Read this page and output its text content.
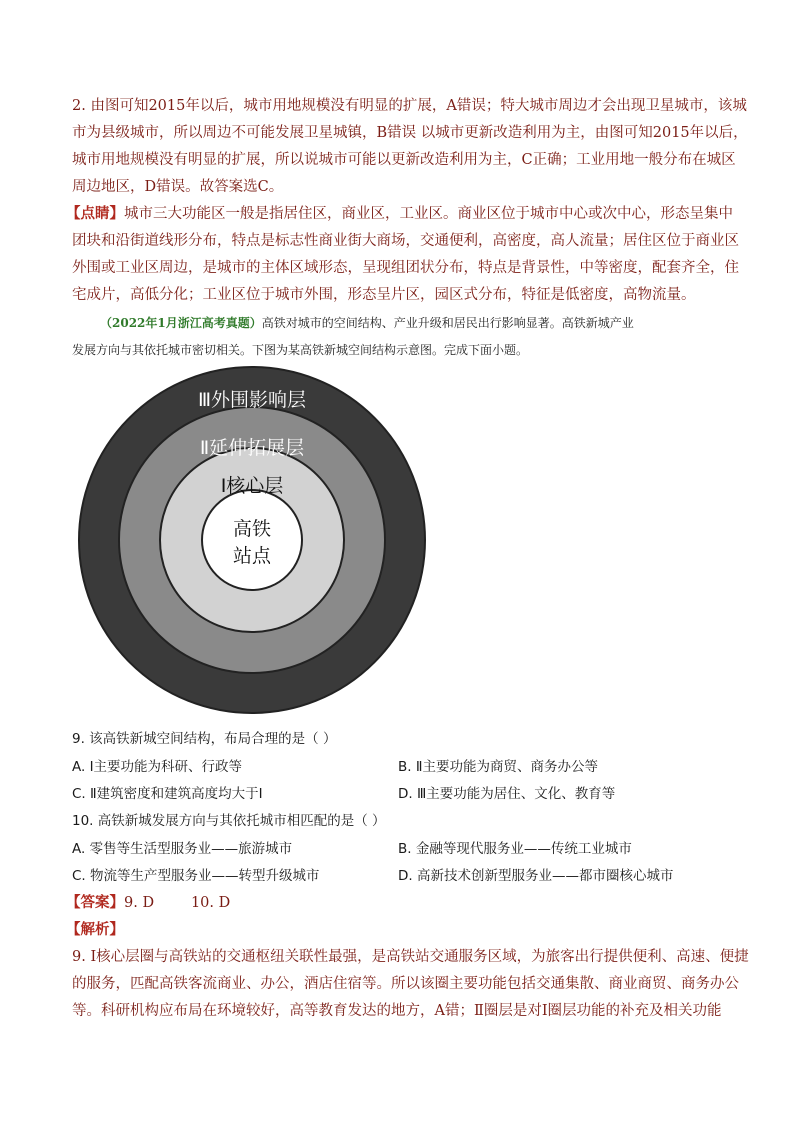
2. 由图可知2015年以后，城市用地规模没有明显的扩展，A错误；特大城市周边才会出现卫星城市，该城
市为县级城市，所以周边不可能发展卫星城镇，B错误 以城市更新改造利用为主，由图可知2015年以后，
城市用地规模没有明显的扩展，所以说城市可能以更新改造利用为主，C正确；工业用地一般分布在城区
周边地区，D错误。故答案选C。
【点睛】城市三大功能区一般是指居住区，商业区，工业区。商业区位于城市中心或次中心，形态呈集中
团块和沿街道线形分布，特点是标志性商业街大商场，交通便利，高密度，高人流量；居住区位于商业区
外围或工业区周边，是城市的主体区域形态，呈现组团状分布，特点是背景性，中等密度，配套齐全，住
宅成片，高低分化；工业区位于城市外围，形态呈片区，园区式分布，特征是低密度，高物流量。
（2022年1月浙江高考真题）高铁对城市的空间结构、产业升级和居民出行影响显著。高铁新城产业
发展方向与其依托城市密切相关。下图为某高铁新城空间结构示意图。完成下面小题。
Ⅲ外围影响层
Ⅱ延伸拓展层
Ⅰ核心层
高铁
站点
9. 该高铁新城空间结构，布局合理的是（ ）
A. Ⅰ主要功能为科研、行政等	B. Ⅱ主要功能为商贸、商务办公等
C. Ⅱ建筑密度和建筑高度均大于Ⅰ	D. Ⅲ主要功能为居住、文化、教育等
10. 高铁新城发展方向与其依托城市相匹配的是（ ）
A. 零售等生活型服务业——旅游城市	B. 金融等现代服务业——传统工业城市
C. 物流等生产型服务业——转型升级城市	D. 高新技术创新型服务业——都市圈核心城市
【答案】9. D        10. D
【解析】
9. Ⅰ核心层圈与高铁站的交通枢纽关联性最强，是高铁站交通服务区域，为旅客出行提供便利、高速、便捷
的服务，匹配高铁客流商业、办公，酒店住宿等。所以该圈主要功能包括交通集散、商业商贸、商务办公
等。科研机构应布局在环境较好，高等教育发达的地方，A错；Ⅱ圈层是对Ⅰ圈层功能的补充及相关功能
